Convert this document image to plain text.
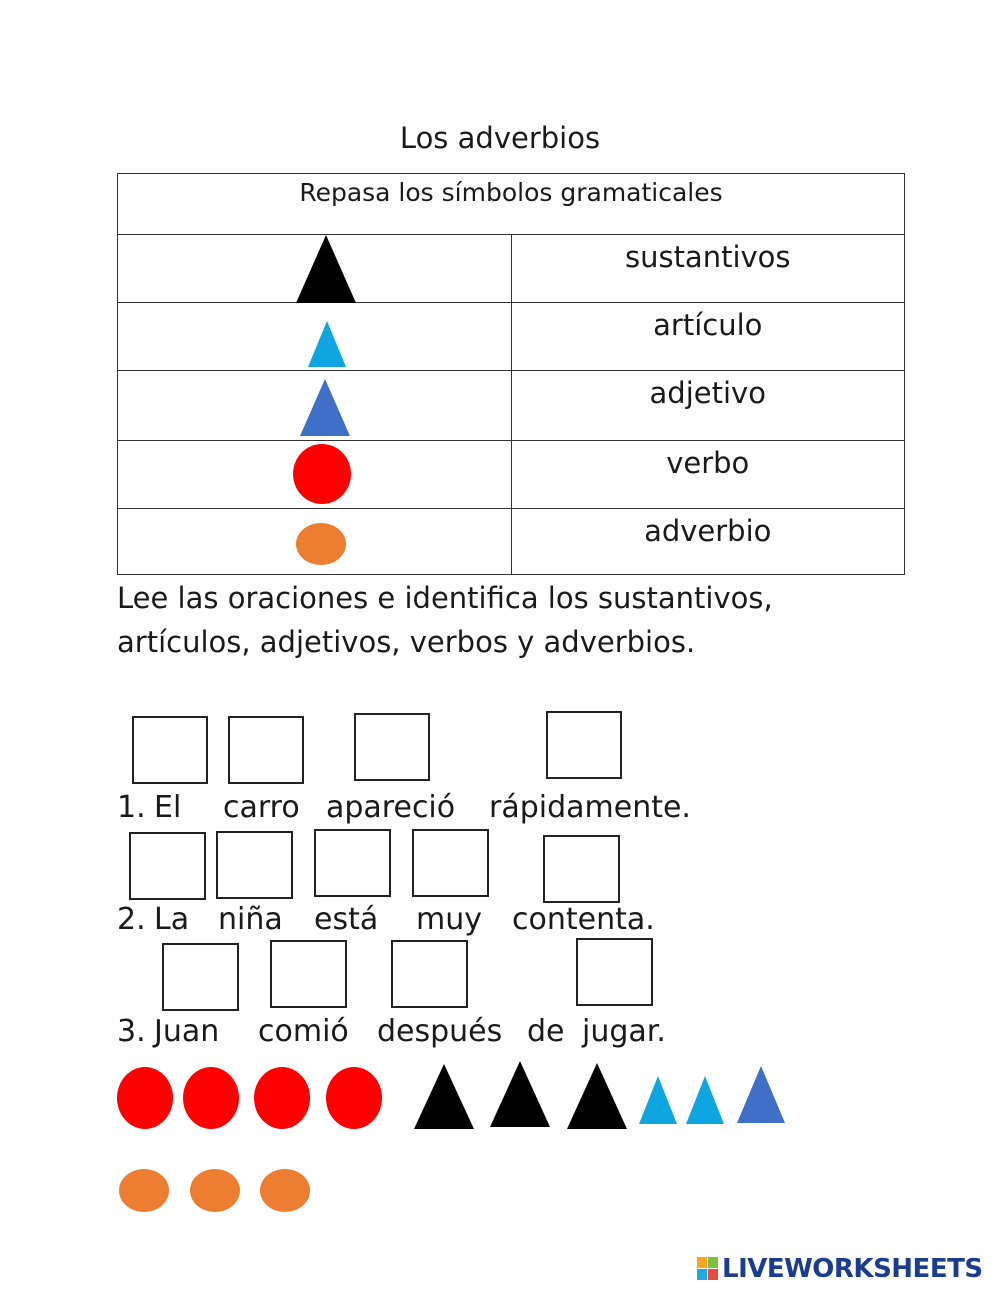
Los adverbios
Repasa los símbolos gramaticales	

	sustantivos

	artículo

	adjetivo

	verbo

	adverbio
Lee las oraciones e identifica los sustantivos,
artículos, adjetivos, verbos y adverbios.
1. El carro apareció rápidamente.
2. La niña está muy contenta.
3. Juan comió después de jugar.
LIVEWORKSHEETS
